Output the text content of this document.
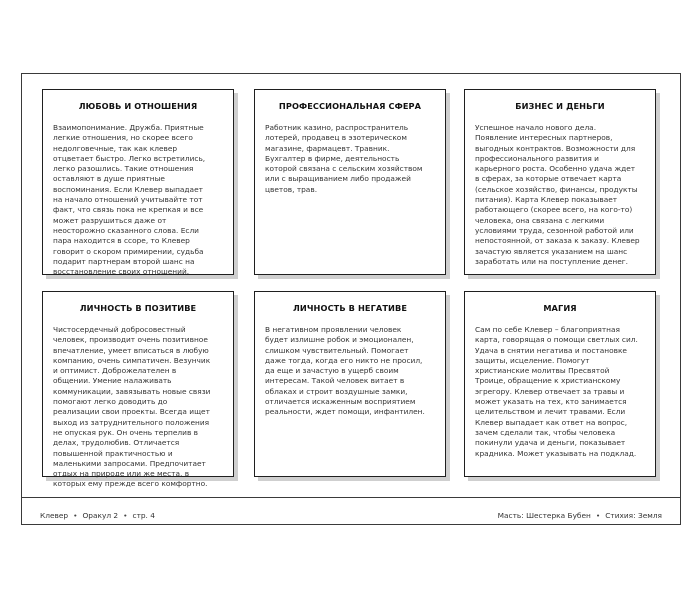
ЛЮБОВЬ И ОТНОШЕНИЯ
Взаимопонимание. Дружба. Приятные
легкие отношения, но скорее всего
недолговечные, так как клевер
отцветает быстро. Легко встретились,
легко разошлись. Такие отношения
оставляют в душе приятные
воспоминания. Если Клевер выпадает
на начало отношений учитывайте тот
факт, что связь пока не крепкая и все
может разрушиться даже от
неосторожно сказанного слова. Если
пара находится в ссоре, то Клевер
говорит о скором примирении, судьба
подарит партнерам второй шанс на
восстановление своих отношений.
ПРОФЕССИОНАЛЬНАЯ СФЕРА
Работник казино, распространитель
лотерей, продавец в эзотерическом
магазине, фармацевт. Травник.
Бухгалтер в фирме, деятельность
которой связана с сельским хозяйством
или с выращиванием либо продажей
цветов, трав.
БИЗНЕС И ДЕНЬГИ
Успешное начало нового дела.
Появление интересных партнеров,
выгодных контрактов. Возможности для
профессионального развития и
карьерного роста. Особенно удача ждет
в сферах, за которые отвечает карта
(сельское хозяйство, финансы, продукты
питания). Карта Клевер показывает
работающего (скорее всего, на кого-то)
человека, она связана с легкими
условиями труда, сезонной работой или
непостоянной, от заказа к заказу. Клевер
зачастую является указанием на шанс
заработать или на поступление денег.
ЛИЧНОСТЬ В ПОЗИТИВЕ
Чистосердечный добросовестный
человек, производит очень позитивное
впечатление, умеет вписаться в любую
компанию, очень симпатичен. Везунчик
и оптимист. Доброжелателен в
общении. Умение налаживать
коммуникации, завязывать новые связи
помогают легко доводить до
реализации свои проекты. Всегда ищет
выход из затруднительного положения
не опуская рук. Он очень терпелив в
делах, трудолюбив. Отличается
повышенной практичностью и
маленькими запросами. Предпочитает
отдых на природе или же места, в
которых ему прежде всего комфортно.
ЛИЧНОСТЬ В НЕГАТИВЕ
В негативном проявлении человек
будет излишне робок и эмоционален,
слишком чувствительный. Помогает
даже тогда, когда его никто не просил,
да еще и зачастую в ущерб своим
интересам. Такой человек витает в
облаках и строит воздушные замки,
отличается искаженным восприятием
реальности, ждет помощи, инфантилен.
МАГИЯ
Сам по себе Клевер – благоприятная
карта, говорящая о помощи светлых сил.
Удача в снятии негатива и постановке
защиты, исцеление. Помогут
христианские молитвы Пресвятой
Троице, обращение к христианскому
эгрегору. Клевер отвечает за травы и
может указать на тех, кто занимается
целительством и лечит травами. Если
Клевер выпадает как ответ на вопрос,
зачем сделали так, чтобы человека
покинули удача и деньги, показывает
крадника. Может указывать на подклад.
Клевер • Оракул 2 • стр. 4	Масть: Шестерка Бубен • Стихия: Земля
